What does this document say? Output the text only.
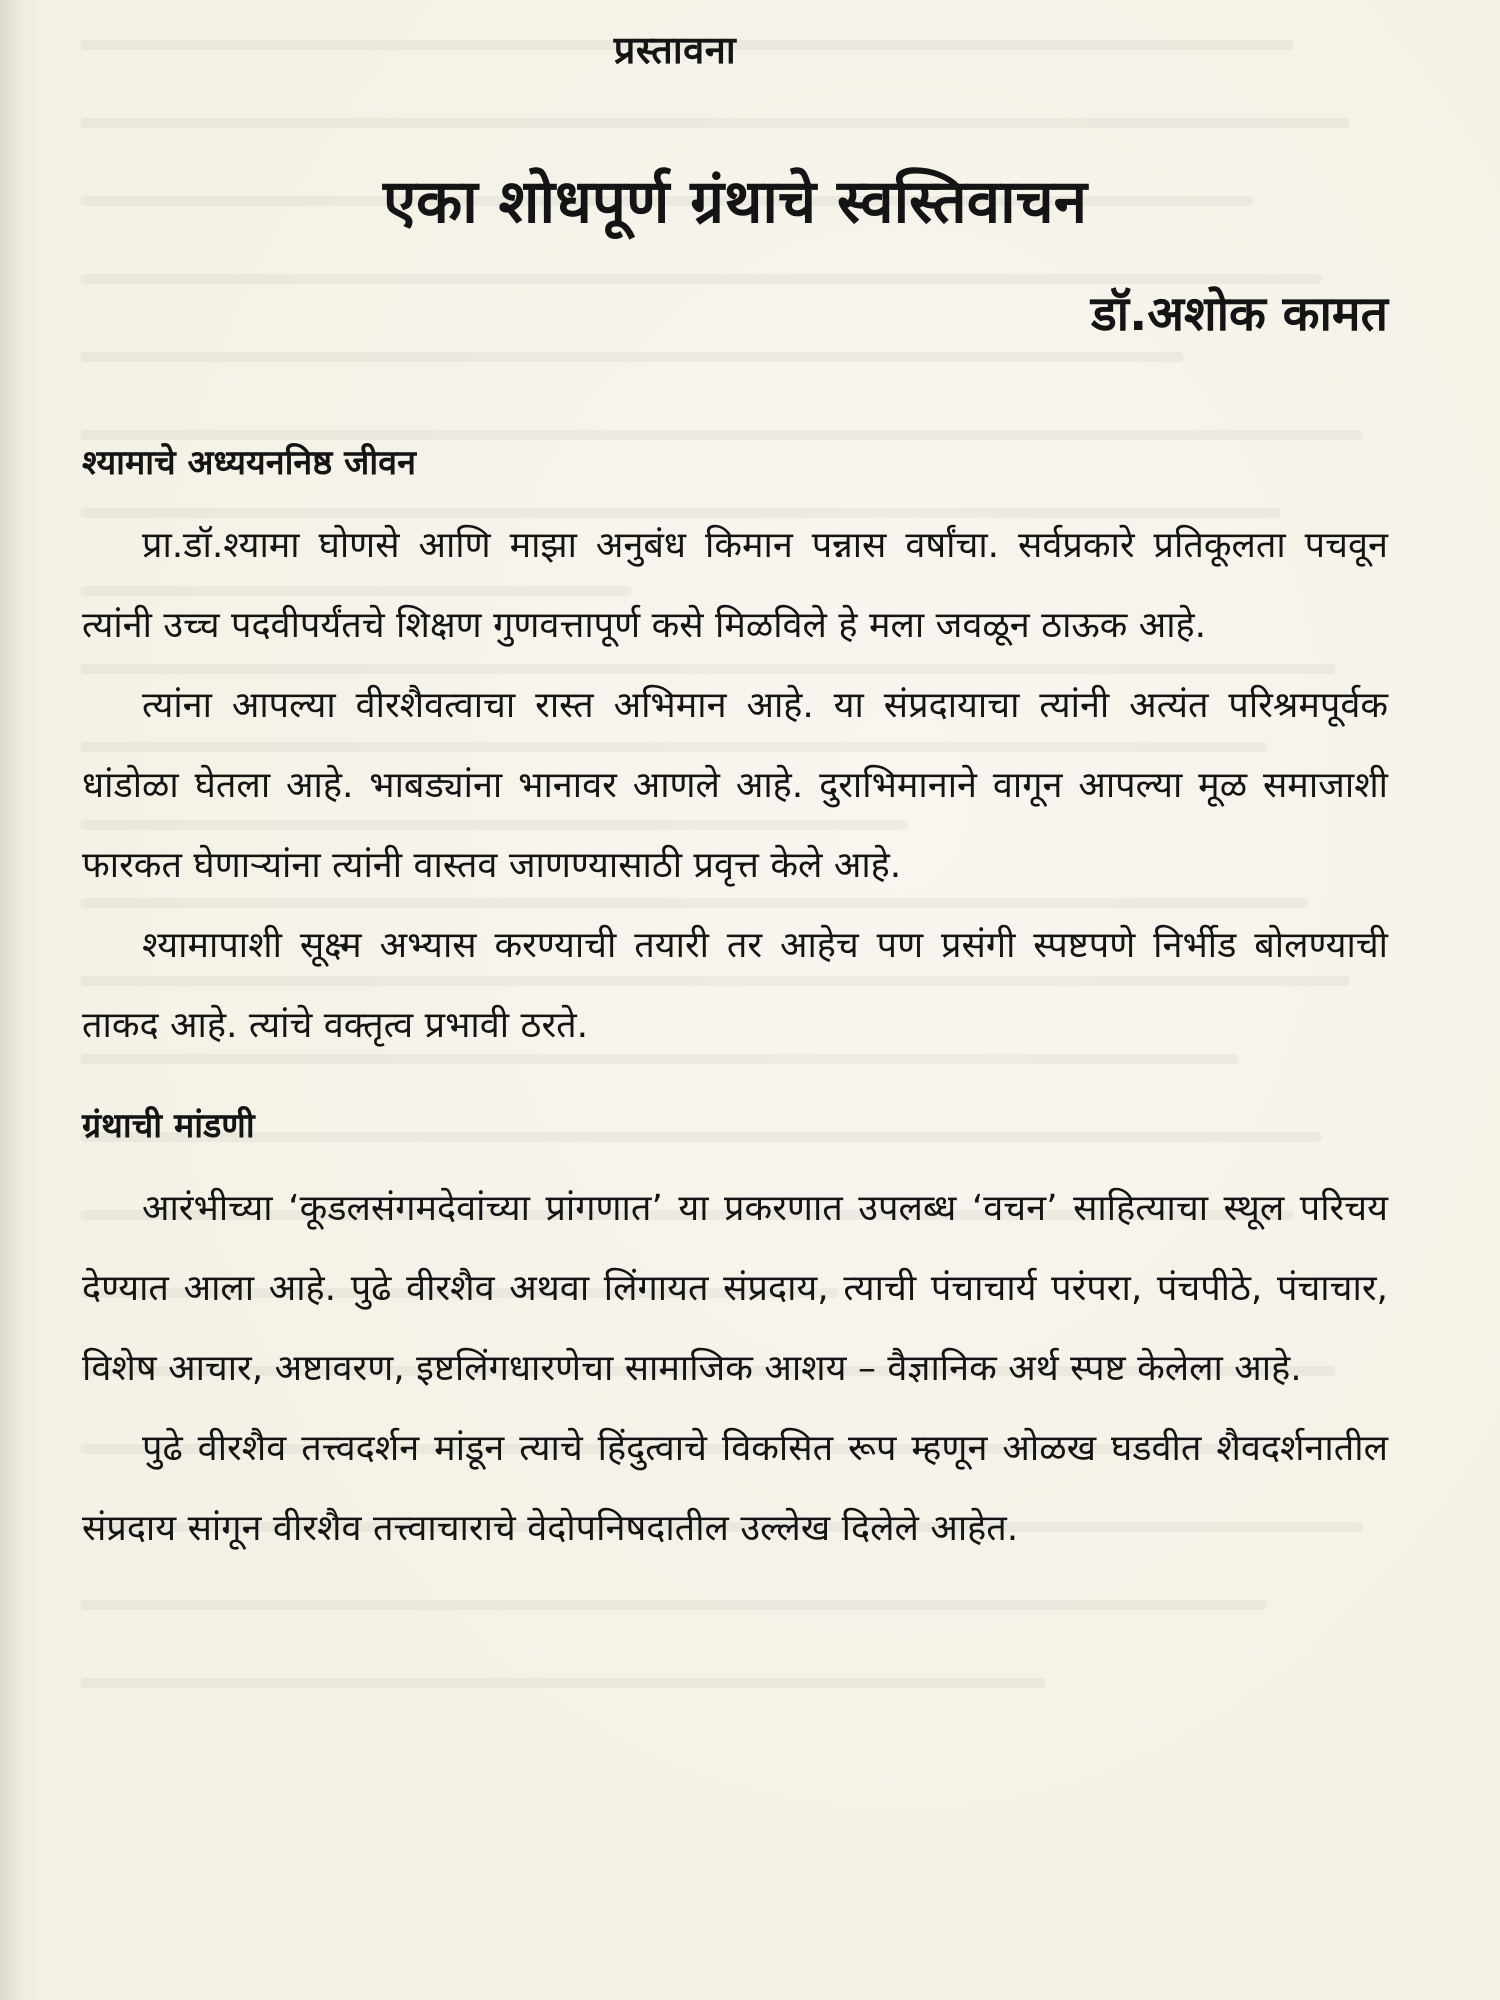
प्रस्तावना
एका शोधपूर्ण ग्रंथाचे स्वस्तिवाचन
डॉ.अशोक कामत
श्यामाचे अध्ययननिष्ठ जीवन

प्रा.डॉ.श्यामा घोणसे आणि माझा अनुबंध किमान पन्नास वर्षांचा. सर्वप्रकारे प्रतिकूलता पचवून त्यांनी उच्च पदवीपर्यंतचे शिक्षण गुणवत्तापूर्ण कसे मिळविले हे मला जवळून ठाऊक आहे.

त्यांना आपल्या वीरशैवत्वाचा रास्त अभिमान आहे. या संप्रदायाचा त्यांनी अत्यंत परिश्रमपूर्वक धांडोळा घेतला आहे. भाबड्यांना भानावर आणले आहे. दुराभिमानाने वागून आपल्या मूळ समाजाशी फारकत घेणाऱ्यांना त्यांनी वास्तव जाणण्यासाठी प्रवृत्त केले आहे.

श्यामापाशी सूक्ष्म अभ्यास करण्याची तयारी तर आहेच पण प्रसंगी स्पष्टपणे निर्भीड बोलण्याची ताकद आहे. त्यांचे वक्तृत्व प्रभावी ठरते.

ग्रंथाची मांडणी

आरंभीच्या ‘कूडलसंगमदेवांच्या प्रांगणात’ या प्रकरणात उपलब्ध ‘वचन’ साहित्याचा स्थूल परिचय देण्यात आला आहे. पुढे वीरशैव अथवा लिंगायत संप्रदाय, त्याची पंचाचार्य परंपरा, पंचपीठे, पंचाचार, विशेष आचार, अष्टावरण, इष्टलिंगधारणेचा सामाजिक आशय – वैज्ञानिक अर्थ स्पष्ट केलेला आहे.

पुढे वीरशैव तत्त्वदर्शन मांडून त्याचे हिंदुत्वाचे विकसित रूप म्हणून ओळख घडवीत शैवदर्शनातील संप्रदाय सांगून वीरशैव तत्त्वाचाराचे वेदोपनिषदातील उल्लेख दिलेले आहेत.
